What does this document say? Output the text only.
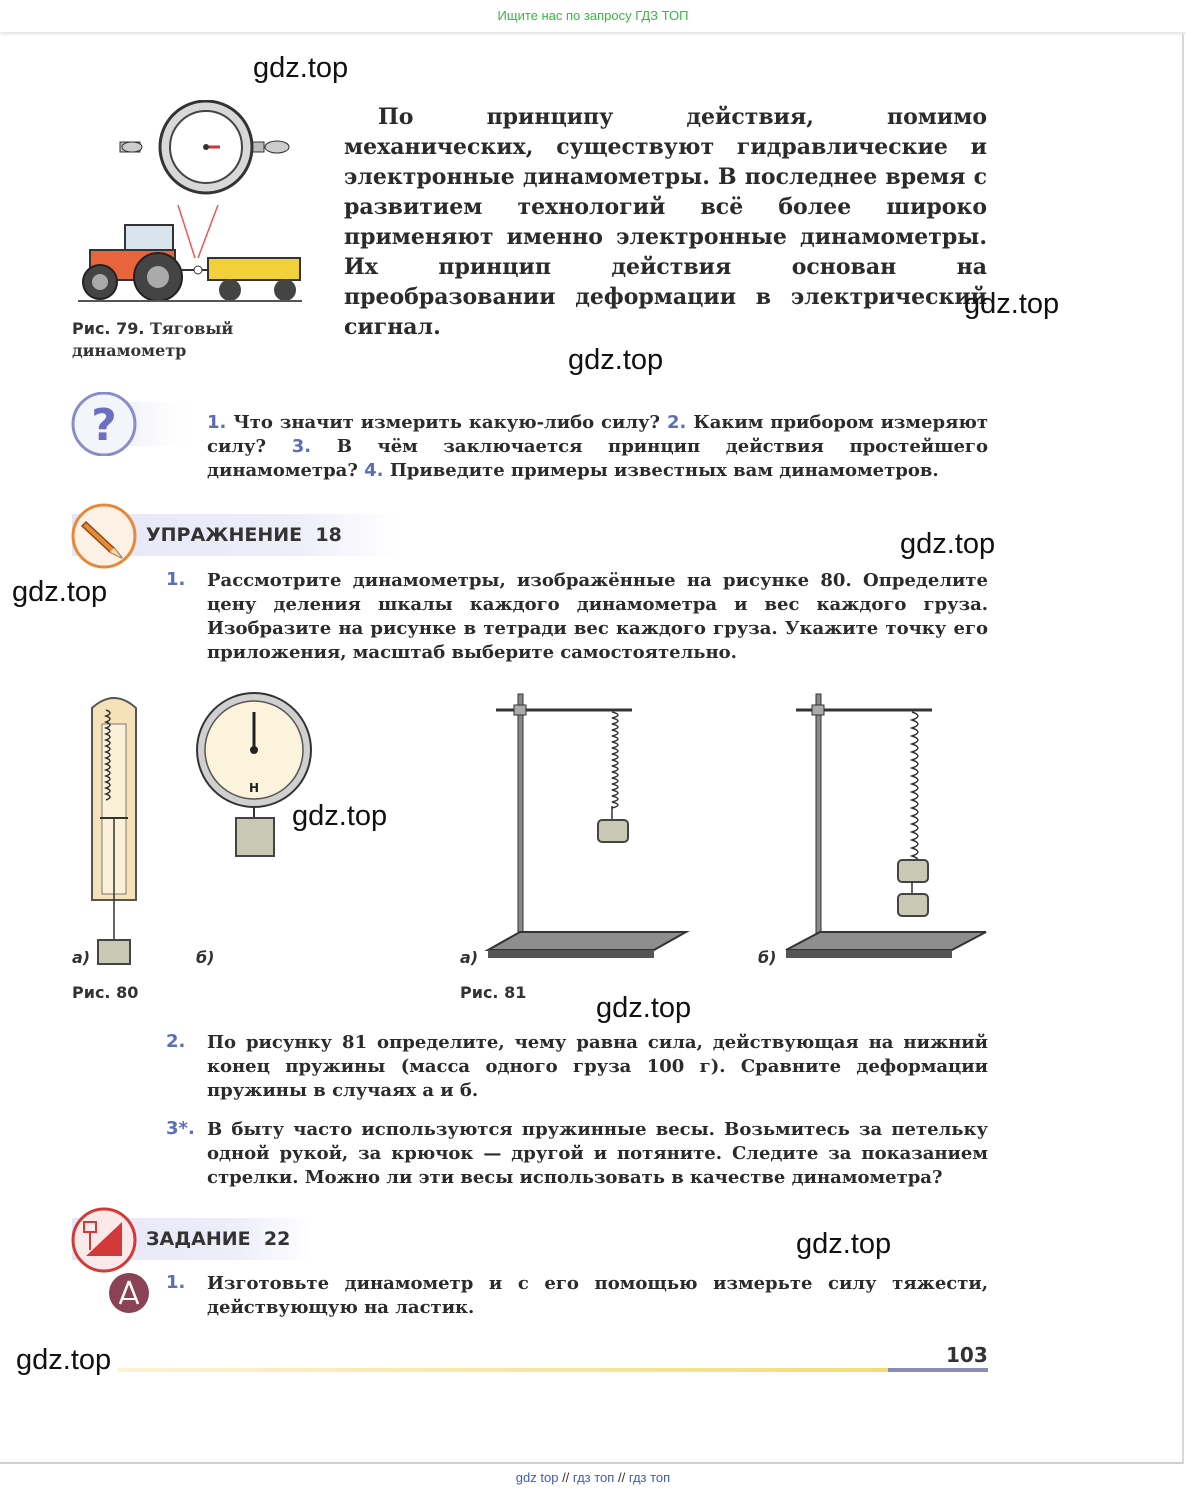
Ищите нас по запросу ГДЗ ТОП
Рис. 79. Тяговый динамометр
По принципу действия, помимо механических, существуют гидравлические и электронные динамометры. В последнее время с развитием технологий всё более широко применяют именно электронные динамометры. Их принцип действия основан на преобразовании деформации в электрический сигнал.
?	1. Что значит измерить какую-либо силу? 2. Каким прибором измеряют силу? 3. В чём заключается принцип действия простейшего динамометра? 4. Приведите примеры известных вам динамометров.
УПРАЖНЕНИЕ 18
1. Рассмотрите динамометры, изображённые на рисунке 80. Определите цену деления шкалы каждого динамометра и вес каждого груза. Изобразите на рисунке в тетради вес каждого груза. Укажите точку его приложения, масштаб выберите самостоятельно.
Н
а)	б)
Рис. 80
а)	б)
Рис. 81
2. По рисунку 81 определите, чему равна сила, действующая на нижний конец пружины (масса одного груза 100 г). Сравните деформации пружины в случаях а и б.
3*. В быту часто используются пружинные весы. Возьмитесь за петельку одной рукой, за крючок — другой и потяните. Следите за показанием стрелки. Можно ли эти весы использовать в качестве динамометра?
ЗАДАНИЕ 22
1. Изготовьте динамометр и с его помощью измерьте силу тяжести, действующую на ластик.
103
gdz.top
gdz.top
gdz.top
gdz.top
gdz.top
gdz.top
gdz.top
gdz.top
gdz.top
gdz top // гдз топ // гдз топ
